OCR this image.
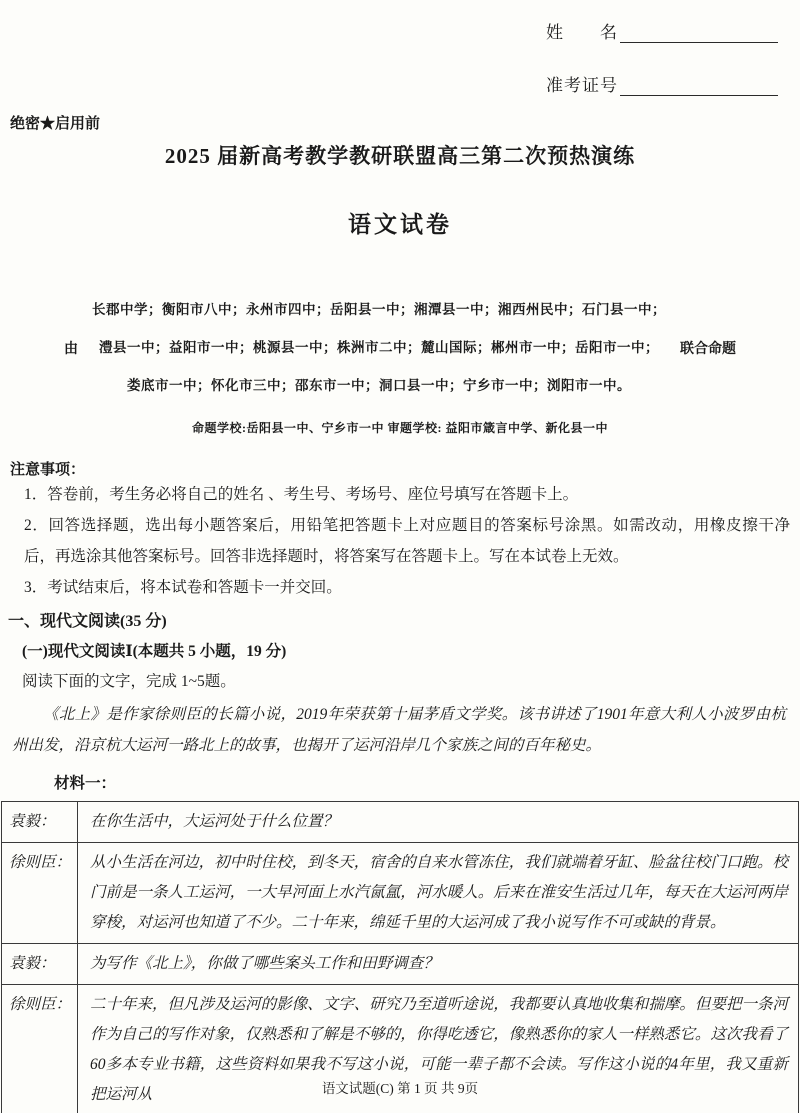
姓　　名
准考证号
绝密★启用前
2025 届新高考教学教研联盟高三第二次预热演练
语文试卷
由
长郡中学；衡阳市八中；永州市四中；岳阳县一中；湘潭县一中；湘西州民中；石门县一中；
澧县一中；益阳市一中；桃源县一中；株洲市二中；麓山国际；郴州市一中；岳阳市一中；
娄底市一中；怀化市三中；邵东市一中；洞口县一中；宁乡市一中；浏阳市一中。
联合命题
命题学校:岳阳县一中、宁乡市一中 审题学校: 益阳市箴言中学、新化县一中
注意事项：
1．答卷前，考生务必将自己的姓名 、考生号、考场号、座位号填写在答题卡上。
2．回答选择题，选出每小题答案后，用铅笔把答题卡上对应题目的答案标号涂黑。如需改动，用橡皮擦干净后，再选涂其他答案标号。回答非选择题时，将答案写在答题卡上。写在本试卷上无效。
3．考试结束后，将本试卷和答题卡一并交回。
一、现代文阅读(35 分)
(一)现代文阅读Ⅰ(本题共 5 小题，19 分)
阅读下面的文字，完成 1~5题。
《北上》是作家徐则臣的长篇小说，2019年荣获第十届茅盾文学奖。该书讲述了1901年意大利人小波罗由杭州出发，沿京杭大运河一路北上的故事，也揭开了运河沿岸几个家族之间的百年秘史。
材料一：
袁毅：	在你生活中，大运河处于什么位置？
徐则臣：	从小生活在河边，初中时住校，到冬天，宿舍的自来水管冻住，我们就端着牙缸、脸盆往校门口跑。校门前是一条人工运河，一大早河面上水汽氤氲，河水暖人。后来在淮安生活过几年，每天在大运河两岸穿梭，对运河也知道了不少。二十年来，绵延千里的大运河成了我小说写作不可或缺的背景。
袁毅：	为写作《北上》，你做了哪些案头工作和田野调查？
徐则臣：	二十年来，但凡涉及运河的影像、文字、研究乃至道听途说，我都要认真地收集和揣摩。但要把一条河作为自己的写作对象，仅熟悉和了解是不够的，你得吃透它，像熟悉你的家人一样熟悉它。这次我看了60多本专业书籍，这些资料如果我不写这小说，可能一辈子都不会读。写作这小说的4年里，我又重新把运河从	语文试题(C) 第 1 页 共 9页
